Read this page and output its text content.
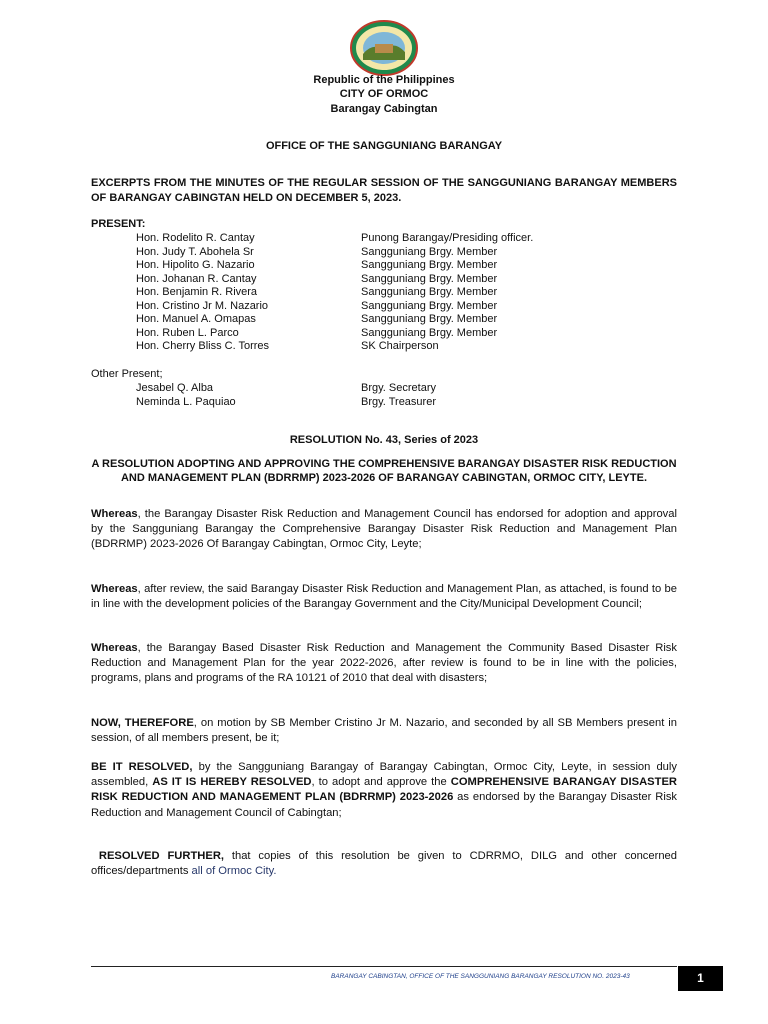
Republic of the Philippines
CITY OF ORMOC
Barangay Cabingtan
OFFICE OF THE SANGGUNIANG BARANGAY
EXCERPTS FROM THE MINUTES OF THE REGULAR SESSION OF THE SANGGUNIANG BARANGAY MEMBERS OF BARANGAY CABINGTAN HELD ON DECEMBER 5, 2023.
PRESENT:
Hon. Rodelito R. Cantay
Hon. Judy T. Abohela Sr
Hon. Hipolito G. Nazario
Hon. Johanan R. Cantay
Hon. Benjamin R. Rivera
Hon. Cristino Jr M. Nazario
Hon. Manuel A. Omapas
Hon. Ruben L. Parco
Hon. Cherry Bliss C. Torres
Punong Barangay/Presiding officer.
Sangguniang Brgy. Member
Sangguniang Brgy. Member
Sangguniang Brgy. Member
Sangguniang Brgy. Member
Sangguniang Brgy. Member
Sangguniang Brgy. Member
Sangguniang Brgy. Member
SK Chairperson
Other Present;
Jesabel Q. Alba
Neminda L. Paquiao
Brgy. Secretary
Brgy. Treasurer
RESOLUTION No. 43, Series of 2023
A RESOLUTION ADOPTING AND APPROVING THE COMPREHENSIVE BARANGAY DISASTER RISK REDUCTION AND MANAGEMENT PLAN (BDRRMP) 2023-2026 OF BARANGAY CABINGTAN, ORMOC CITY, LEYTE.
Whereas, the Barangay Disaster Risk Reduction and Management Council has endorsed for adoption and approval by the Sangguniang Barangay the Comprehensive Barangay Disaster Risk Reduction and Management Plan (BDRRMP) 2023-2026 Of Barangay Cabingtan, Ormoc City, Leyte;
Whereas, after review, the said Barangay Disaster Risk Reduction and Management Plan, as attached, is found to be in line with the development policies of the Barangay Government and the City/Municipal Development Council;
Whereas, the Barangay Based Disaster Risk Reduction and Management the Community Based Disaster Risk Reduction and Management Plan for the year 2022-2026, after review is found to be in line with the policies, programs, plans and programs of the RA 10121 of 2010 that deal with disasters;
NOW, THEREFORE, on motion by SB Member Cristino Jr M. Nazario, and seconded by all SB Members present in session, of all members present, be it;
BE IT RESOLVED, by the Sangguniang Barangay of Barangay Cabingtan, Ormoc City, Leyte, in session duly assembled, AS IT IS HEREBY RESOLVED, to adopt and approve the COMPREHENSIVE BARANGAY DISASTER RISK REDUCTION AND MANAGEMENT PLAN (BDRRMP) 2023-2026 as endorsed by the Barangay Disaster Risk Reduction and Management Council of Cabingtan;
RESOLVED FURTHER, that copies of this resolution be given to CDRRMO, DILG and other concerned offices/departments all of Ormoc City.
BARANGAY CABINGTAN, OFFICE OF THE SANGGUNIANG BARANGAY RESOLUTION NO. 2023-43	1
